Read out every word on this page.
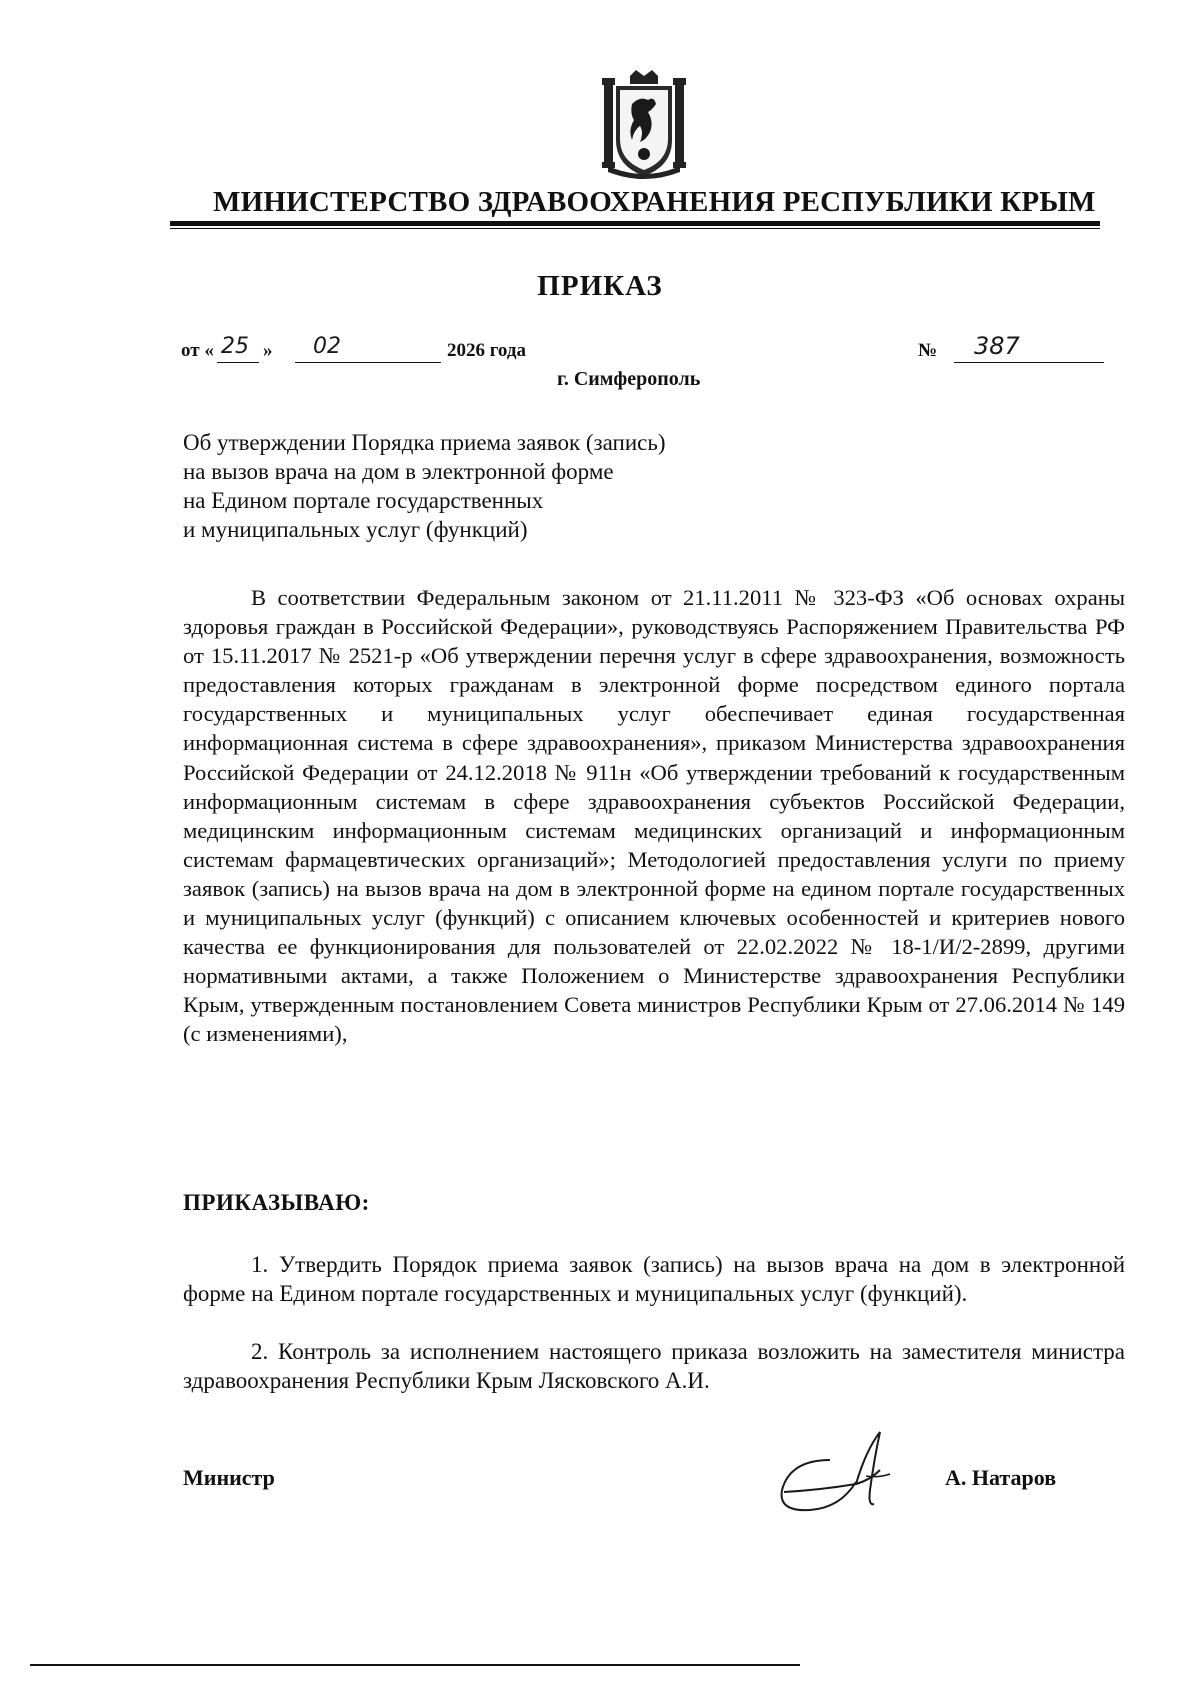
МИНИСТЕРСТВО ЗДРАВООХРАНЕНИЯ РЕСПУБЛИКИ КРЫМ
ПРИКАЗ
от « 25 » 02	2026 года	№ 387
г. Симферополь
Об утверждении Порядка приема заявок (запись)
на вызов врача на дом в электронной форме
на Едином портале государственных
и муниципальных услуг (функций)
В соответствии Федеральным законом от 21.11.2011 № 323-ФЗ «Об основах охраны здоровья граждан в Российской Федерации», руководствуясь Распоряжением Правительства РФ от 15.11.2017 № 2521-р «Об утверждении перечня услуг в сфере здравоохранения, возможность предоставления которых гражданам в электронной форме посредством единого портала государственных и муниципальных услуг обеспечивает единая государственная информационная система в сфере здравоохранения», приказом Министерства здравоохранения Российской Федерации от 24.12.2018 № 911н «Об утверждении требований к государственным информационным системам в сфере здравоохранения субъектов Российской Федерации, медицинским информационным системам медицинских организаций и информационным системам фармацевтических организаций»; Методологией предоставления услуги по приему заявок (запись) на вызов врача на дом в электронной форме на едином портале государственных и муниципальных услуг (функций) с описанием ключевых особенностей и критериев нового качества ее функционирования для пользователей от 22.02.2022 № 18-1/И/2-2899, другими нормативными актами, а также Положением о Министерстве здравоохранения Республики Крым, утвержденным постановлением Совета министров Республики Крым от 27.06.2014 № 149 (с изменениями),
ПРИКАЗЫВАЮ:
1. Утвердить Порядок приема заявок (запись) на вызов врача на дом в электронной форме на Едином портале государственных и муниципальных услуг (функций).
2. Контроль за исполнением настоящего приказа возложить на заместителя министра здравоохранения Республики Крым Лясковского А.И.
Министр	А. Натаров
